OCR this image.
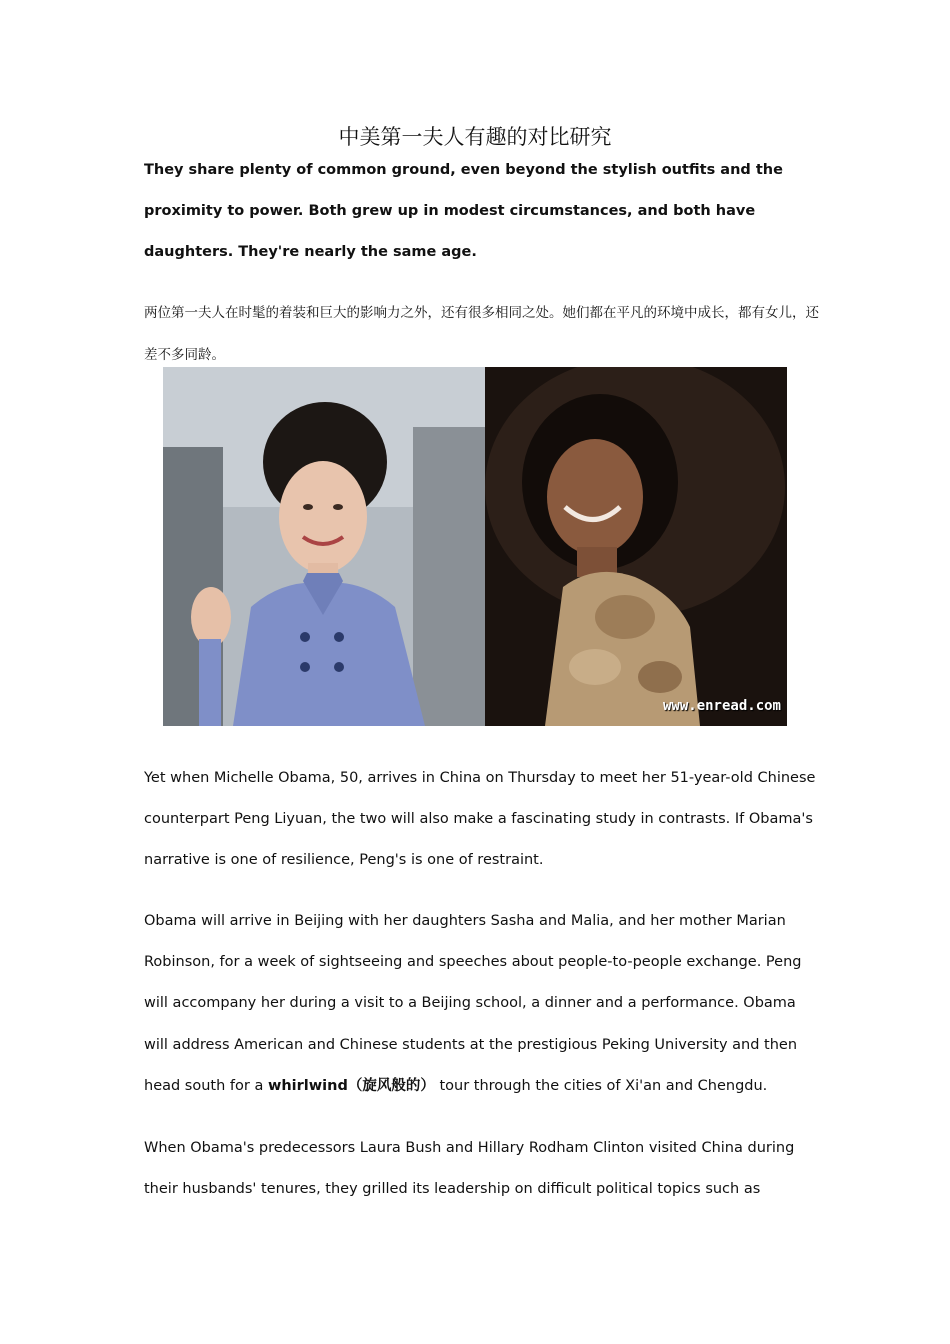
中美第一夫人有趣的对比研究
They share plenty of common ground, even beyond the stylish outfits and the proximity to power. Both grew up in modest circumstances, and both have daughters. They're nearly the same age.
两位第一夫人在时髦的着装和巨大的影响力之外，还有很多相同之处。她们都在平凡的环境中成长，都有女儿，还差不多同龄。
www.enread.com
Yet when Michelle Obama, 50, arrives in China on Thursday to meet her 51-year-old Chinese counterpart Peng Liyuan, the two will also make a fascinating study in contrasts. If Obama's narrative is one of resilience, Peng's is one of restraint.
Obama will arrive in Beijing with her daughters Sasha and Malia, and her mother Marian Robinson, for a week of sightseeing and speeches about people-to-people exchange. Peng will accompany her during a visit to a Beijing school, a dinner and a performance. Obama will address American and Chinese students at the prestigious Peking University and then head south for a whirlwind（旋风般的） tour through the cities of Xi'an and Chengdu.
When Obama's predecessors Laura Bush and Hillary Rodham Clinton visited China during their husbands' tenures, they grilled its leadership on difficult political topics such as
